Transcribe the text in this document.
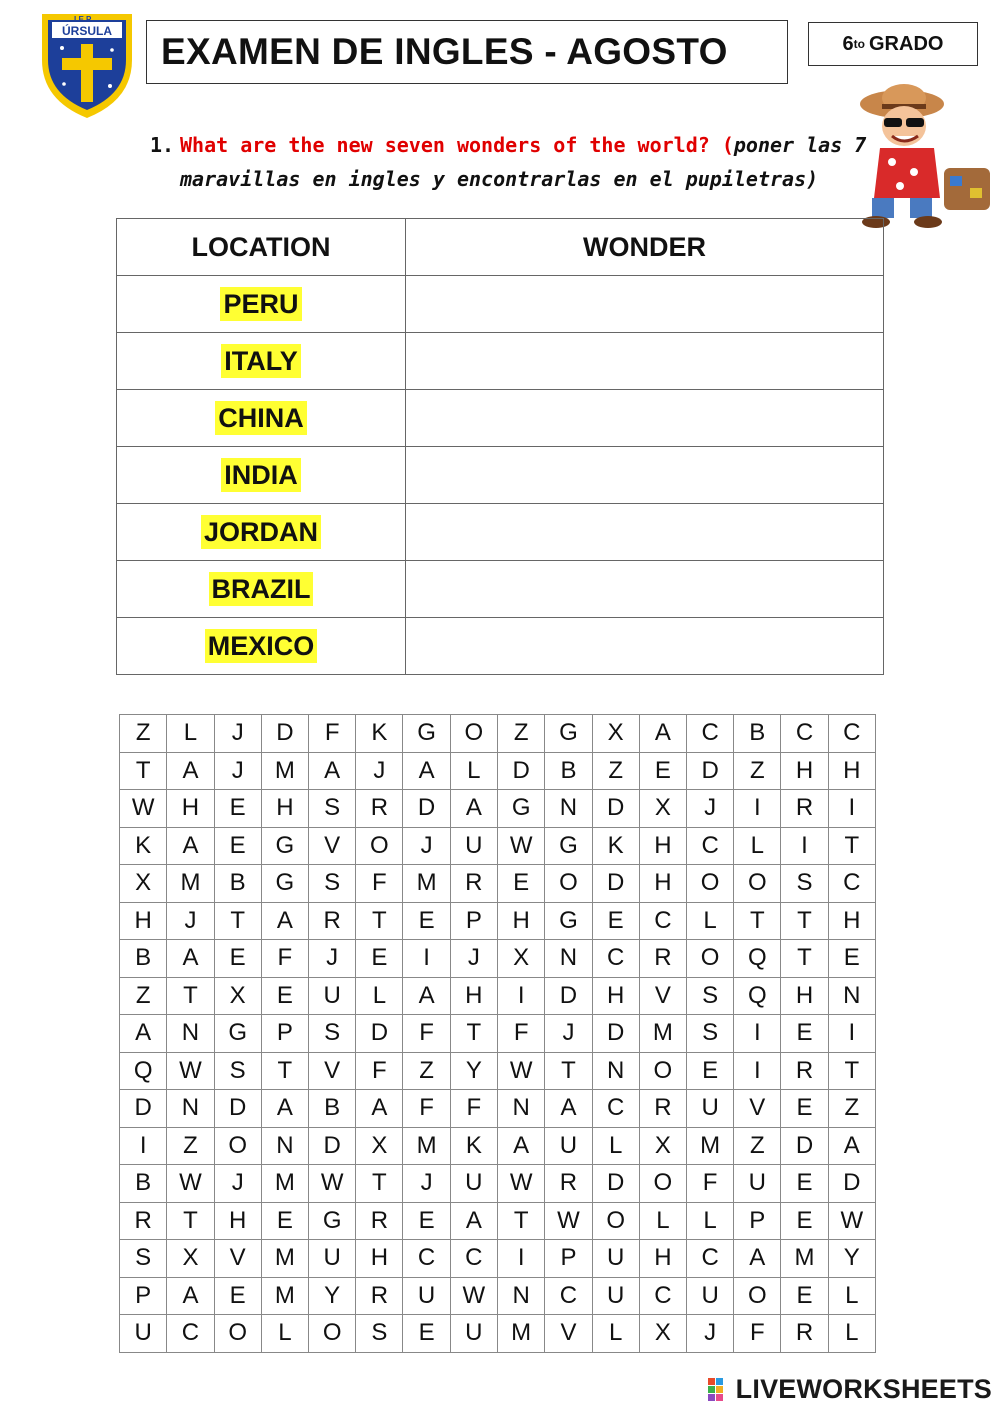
I.E.P.
ÚRSULA EXAMEN DE INGLES - AGOSTO	6 to GRADO
1. What are the new seven wonders of the world? (poner las 7
maravillas en ingles y encontrarlas en el pupiletras)
LOCATION	WONDER
PERU	
ITALY	
CHINA	
INDIA	
JORDAN	
BRAZIL	
MEXICO	
Z	L	J	D	F	K	G	O	Z	G	X	A	C	B	C	C
T	A	J	M	A	J	A	L	D	B	Z	E	D	Z	H	H
W	H	E	H	S	R	D	A	G	N	D	X	J	I	R	I
K	A	E	G	V	O	J	U	W	G	K	H	C	L	I	T
X	M	B	G	S	F	M	R	E	O	D	H	O	O	S	C
H	J	T	A	R	T	E	P	H	G	E	C	L	T	T	H
B	A	E	F	J	E	I	J	X	N	C	R	O	Q	T	E
Z	T	X	E	U	L	A	H	I	D	H	V	S	Q	H	N
A	N	G	P	S	D	F	T	F	J	D	M	S	I	E	I
Q	W	S	T	V	F	Z	Y	W	T	N	O	E	I	R	T
D	N	D	A	B	A	F	F	N	A	C	R	U	V	E	Z
I	Z	O	N	D	X	M	K	A	U	L	X	M	Z	D	A
B	W	J	M	W	T	J	U	W	R	D	O	F	U	E	D
R	T	H	E	G	R	E	A	T	W	O	L	L	P	E	W
S	X	V	M	U	H	C	C	I	P	U	H	C	A	M	Y
P	A	E	M	Y	R	U	W	N	C	U	C	U	O	E	L
U	C	O	L	O	S	E	U	M	V	L	X	J	F	R	L
LIVEWORKSHEETS
